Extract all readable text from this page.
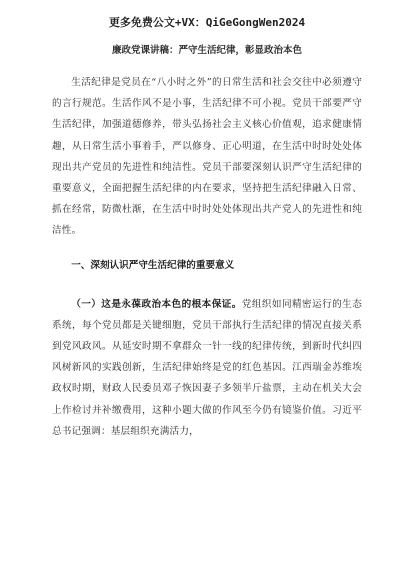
更多免费公文+VX：QiGeGongWen2024
廉政党课讲稿：严守生活纪律，彰显政治本色

生活纪律是党员在“八小时之外”的日常生活和社会交往中必须遵守的言行规范。生活作风不是小事，生活纪律不可小视。党员干部要严守生活纪律，加强道德修养，带头弘扬社会主义核心价值观，追求健康情趣，从日常生活小事着手，严以修身、正心明道，在生活中时时处处体现出共产党员的先进性和纯洁性。党员干部要深刻认识严守生活纪律的重要意义，全面把握生活纪律的内在要求，坚持把生活纪律融入日常、抓在经常，防微杜渐，在生活中时时处处体现出共产党人的先进性和纯洁性。

一、深刻认识严守生活纪律的重要意义

（一）这是永葆政治本色的根本保证。党组织如同精密运行的生态系统，每个党员都是关键细胞，党员干部执行生活纪律的情况直接关系到党风政风。从延安时期不拿群众一针一线的纪律传统，到新时代纠四风树新风的实践创新，生活纪律始终是党的红色基因。江西瑞金苏维埃政权时期，财政人民委员邓子恢因妻子多领半斤盐票，主动在机关大会上作检讨并补缴费用，这种小题大做的作风至今仍有镜鉴价值。习近平总书记强调：基层组织充满活力，
